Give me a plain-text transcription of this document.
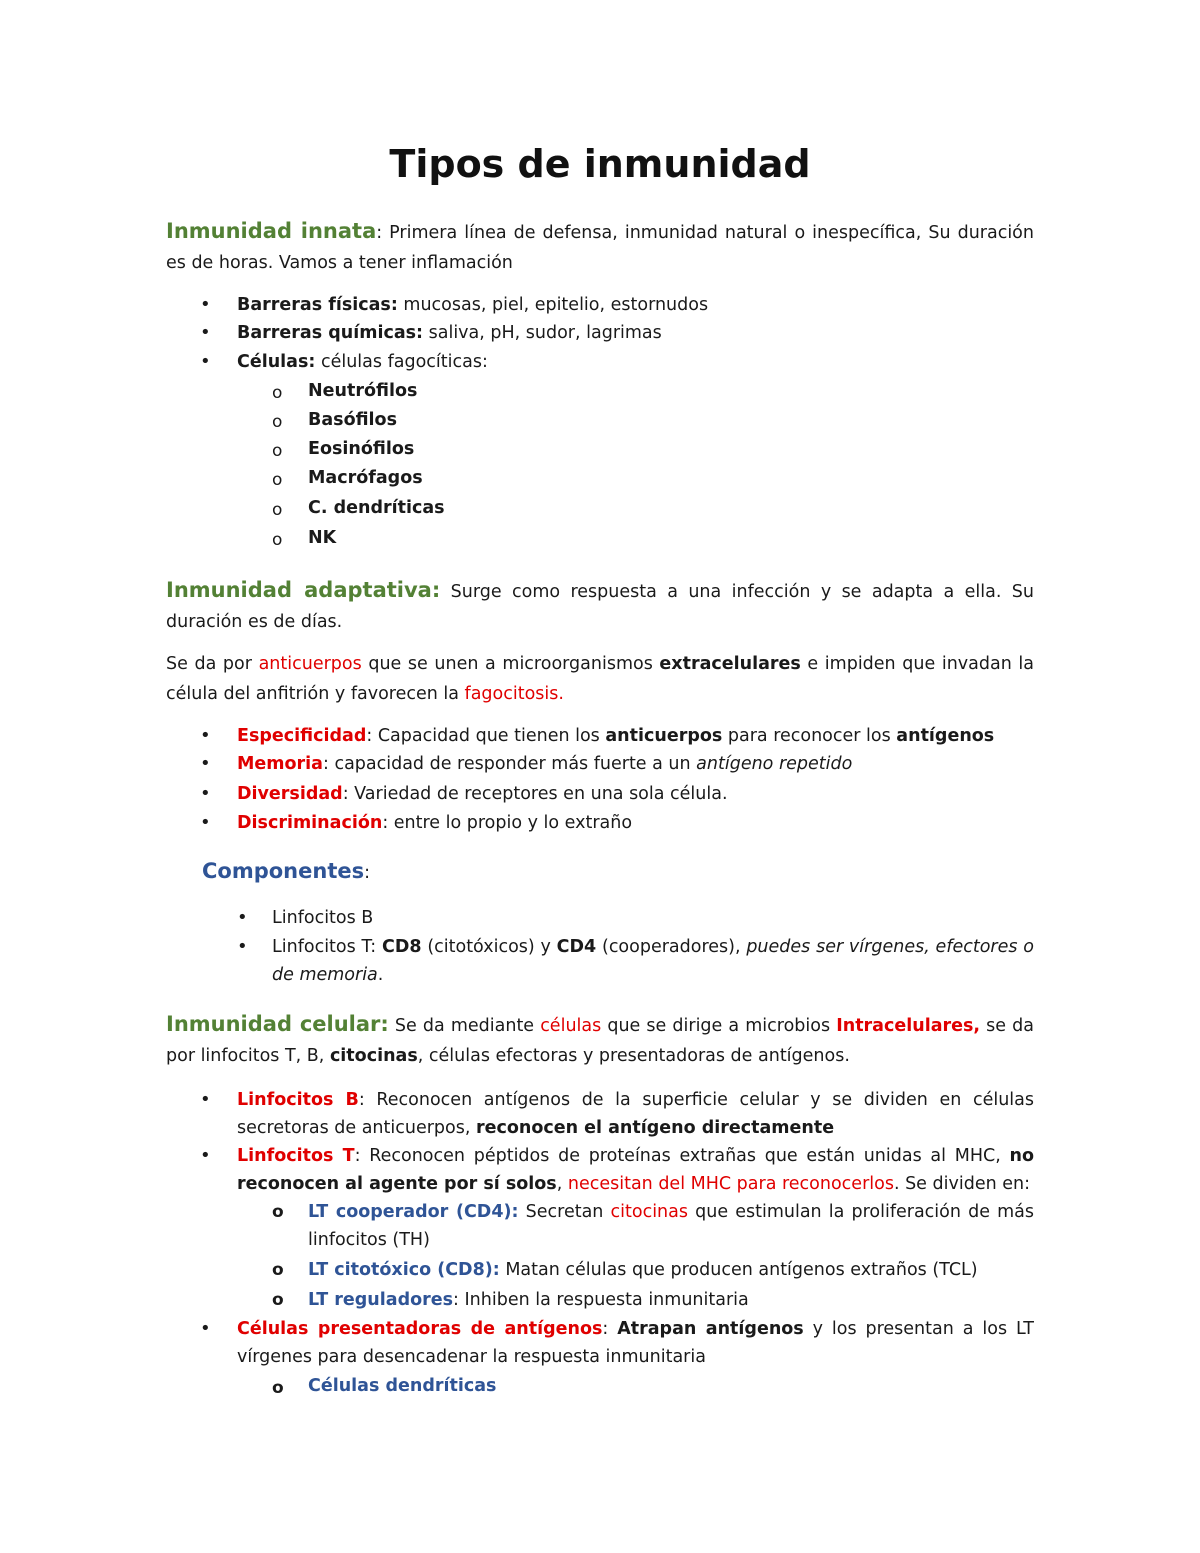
Tipos de inmunidad
Inmunidad innata: Primera línea de defensa, inmunidad natural o inespecífica, Su duración es de horas. Vamos a tener inflamación
• Barreras físicas: mucosas, piel, epitelio, estornudos
• Barreras químicas: saliva, pH, sudor, lagrimas
• Células: células fagocíticas:
o Neutrófilos
o Basófilos
o Eosinófilos
o Macrófagos
o C. dendríticas
o NK
Inmunidad adaptativa: Surge como respuesta a una infección y se adapta a ella. Su duración es de días.
Se da por anticuerpos que se unen a microorganismos extracelulares e impiden que invadan la célula del anfitrión y favorecen la fagocitosis.
• Especificidad: Capacidad que tienen los anticuerpos para reconocer los antígenos
• Memoria: capacidad de responder más fuerte a un antígeno repetido
• Diversidad: Variedad de receptores en una sola célula.
• Discriminación: entre lo propio y lo extraño
Componentes:
• Linfocitos B
• Linfocitos T: CD8 (citotóxicos) y CD4 (cooperadores), puedes ser vírgenes, efectores o de memoria.
Inmunidad celular: Se da mediante células que se dirige a microbios Intracelulares, se da por linfocitos T, B, citocinas, células efectoras y presentadoras de antígenos.
• Linfocitos B: Reconocen antígenos de la superficie celular y se dividen en células secretoras de anticuerpos, reconocen el antígeno directamente
• Linfocitos T: Reconocen péptidos de proteínas extrañas que están unidas al MHC, no reconocen al agente por sí solos, necesitan del MHC para reconocerlos. Se dividen en:
o LT cooperador (CD4): Secretan citocinas que estimulan la proliferación de más linfocitos (TH)
o LT citotóxico (CD8): Matan células que producen antígenos extraños (TCL)
o LT reguladores: Inhiben la respuesta inmunitaria
• Células presentadoras de antígenos: Atrapan antígenos y los presentan a los LT vírgenes para desencadenar la respuesta inmunitaria
o Células dendríticas
